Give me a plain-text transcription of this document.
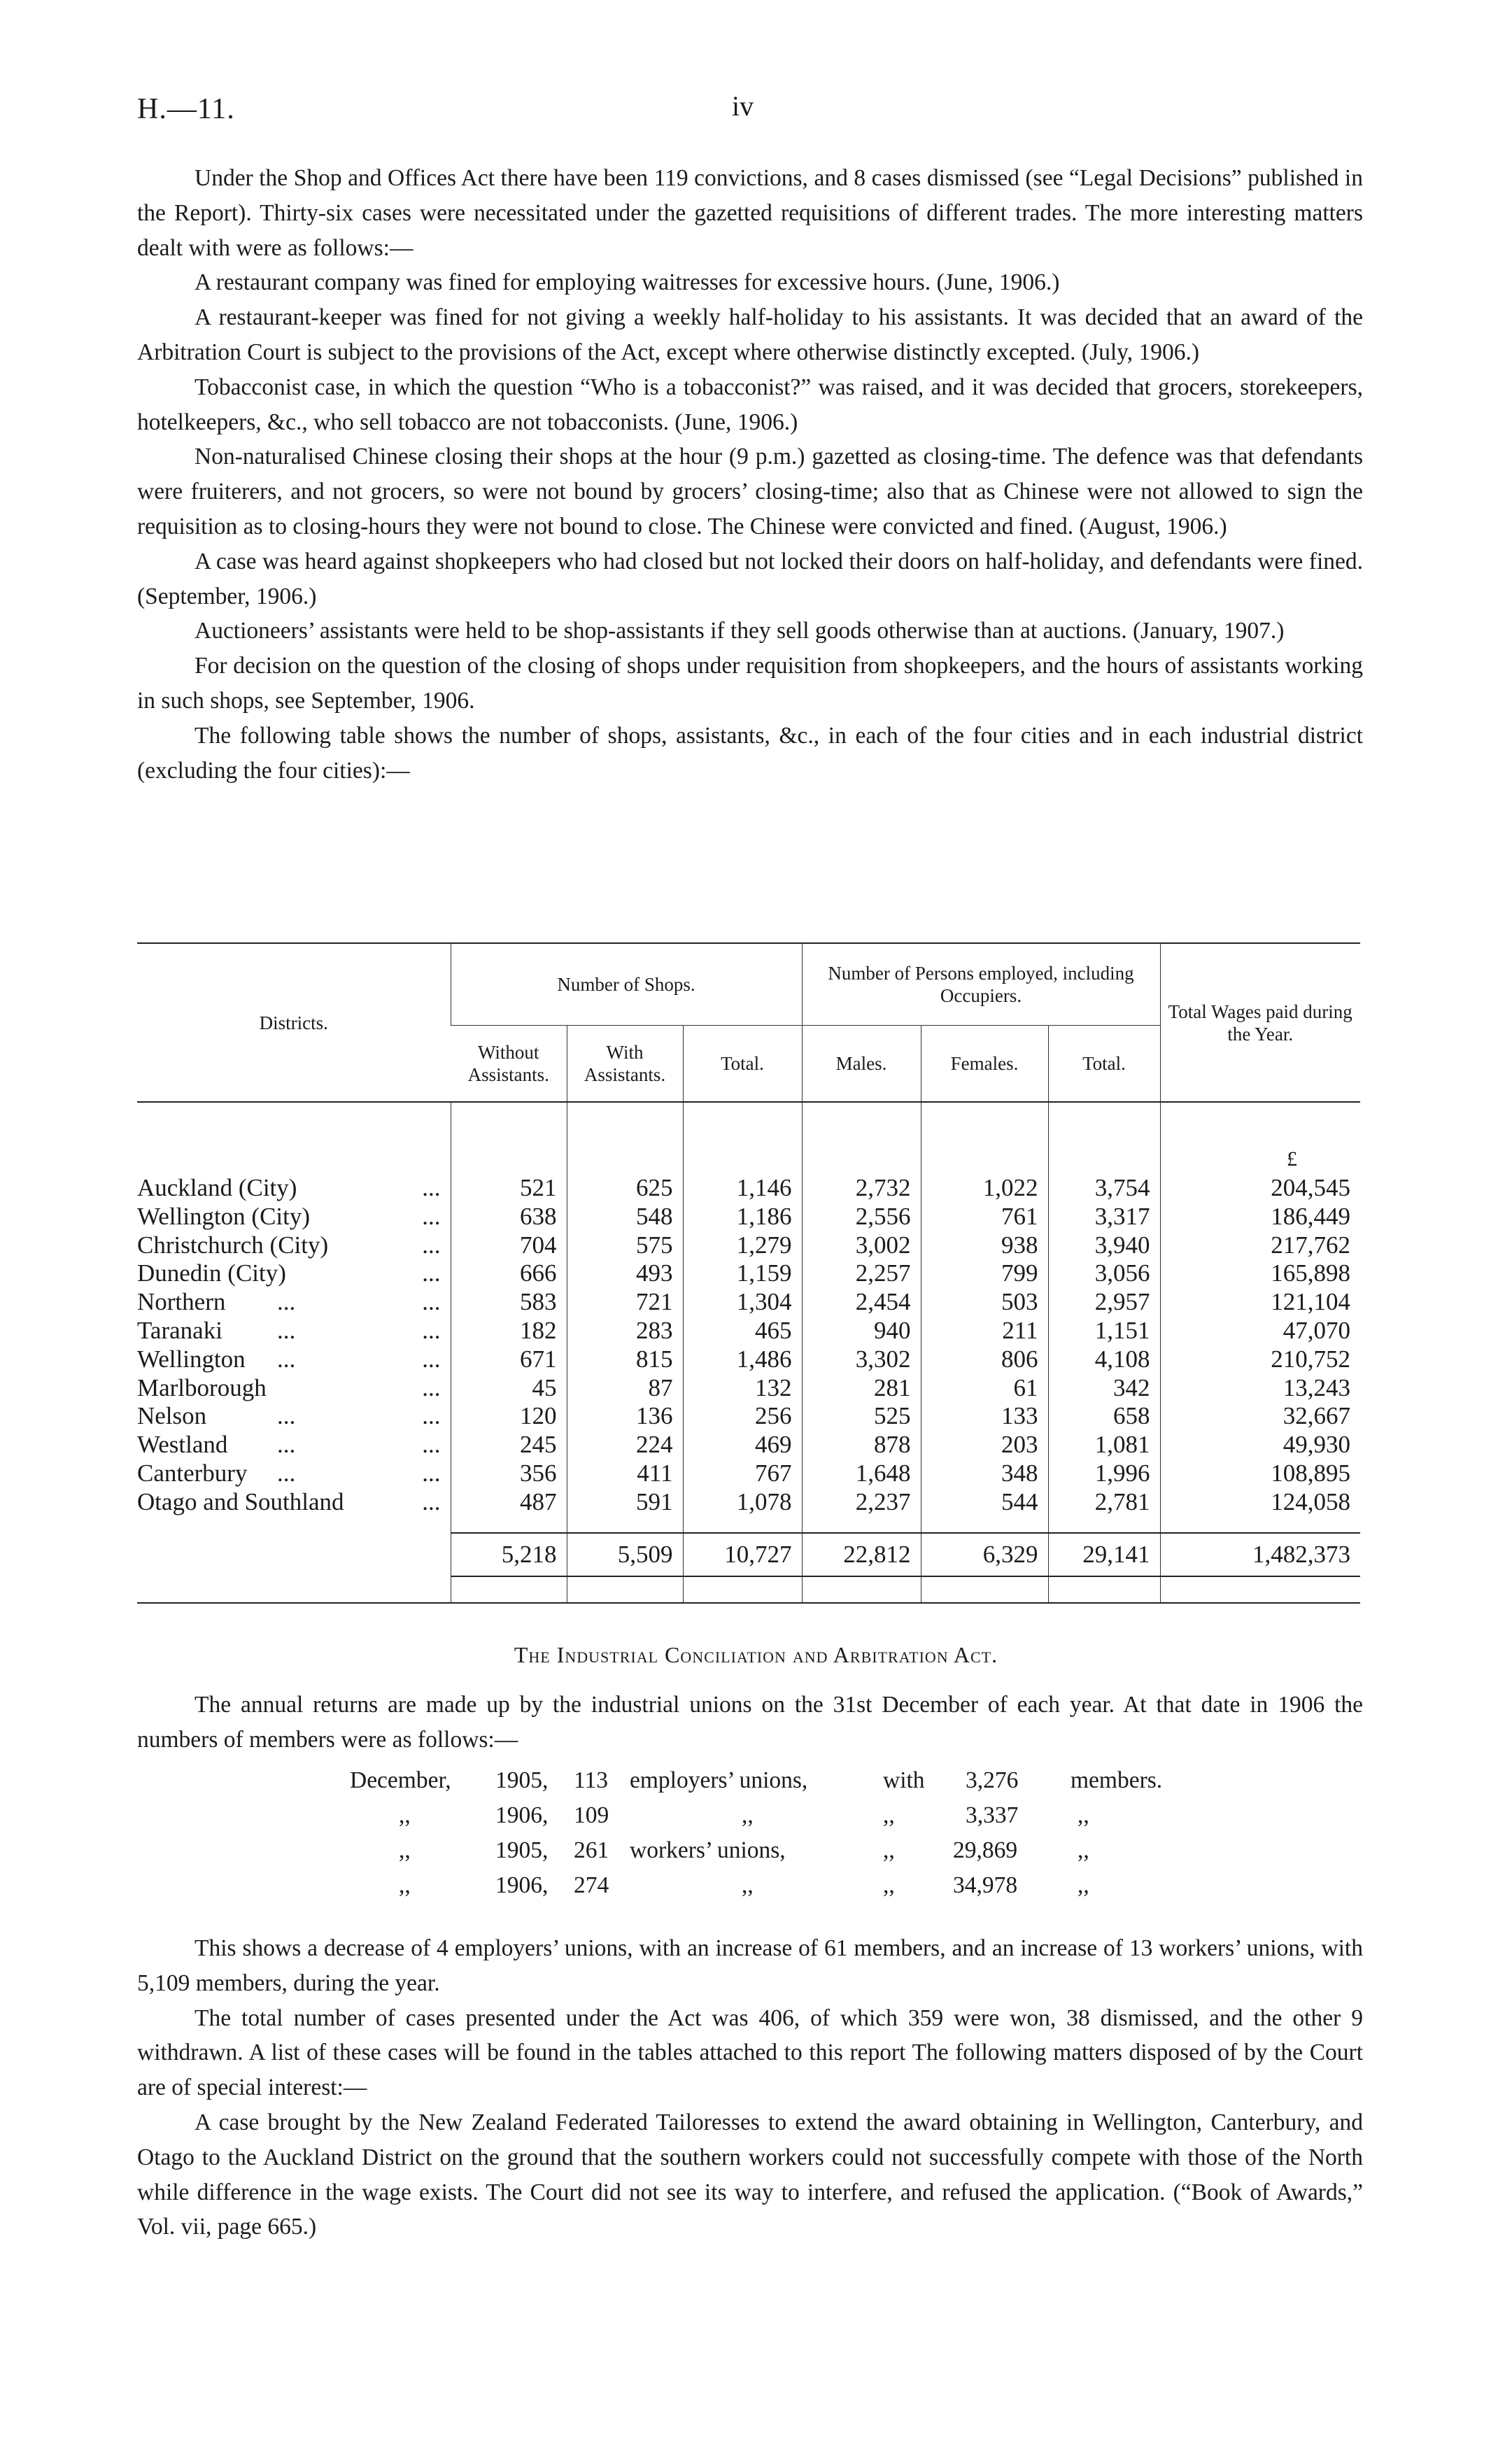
H.—11.	iv

Under the Shop and Offices Act there have been 119 convictions, and 8 cases dismissed (see “Legal Decisions” published in the Report). Thirty-six cases were necessitated under the gazetted requisitions of different trades. The more interesting matters dealt with were as follows:—

A restaurant company was fined for employing waitresses for excessive hours. (June, 1906.)

A restaurant-keeper was fined for not giving a weekly half-holiday to his assistants. It was decided that an award of the Arbitration Court is subject to the provisions of the Act, except where otherwise distinctly excepted. (July, 1906.)

Tobacconist case, in which the question “Who is a tobacconist?” was raised, and it was decided that grocers, storekeepers, hotelkeepers, &c., who sell tobacco are not tobacconists. (June, 1906.)

Non-naturalised Chinese closing their shops at the hour (9 p.m.) gazetted as closing-time. The defence was that defendants were fruiterers, and not grocers, so were not bound by grocers’ closing-time; also that as Chinese were not allowed to sign the requisition as to closing-hours they were not bound to close. The Chinese were convicted and fined. (August, 1906.)

A case was heard against shopkeepers who had closed but not locked their doors on half-holiday, and defendants were fined. (September, 1906.)

Auctioneers’ assistants were held to be shop-assistants if they sell goods otherwise than at auctions. (January, 1907.)

For decision on the question of the closing of shops under requisition from shopkeepers, and the hours of assistants working in such shops, see September, 1906.

The following table shows the number of shops, assistants, &c., in each of the four cities and in each industrial district (excluding the four cities):—

Districts.	Number of Shops.			Number of Persons employed, including Occupiers.			Total Wages paid during the Year.
	Without Assistants.	With Assistants.	Total.	Males.	Females.	Total.	

							£
Auckland (City) ...	521	625	1,146	2,732	1,022	3,754	204,545
Wellington (City) ...	638	548	1,186	2,556	761	3,317	186,449
Christchurch (City) ...	704	575	1,279	3,002	938	3,940	217,762
Dunedin (City) ...	666	493	1,159	2,257	799	3,056	165,898
Northern ... ...	583	721	1,304	2,454	503	2,957	121,104
Taranaki ... ...	182	283	465	940	211	1,151	47,070
Wellington ... ...	671	815	1,486	3,302	806	4,108	210,752
Marlborough ...	45	87	132	281	61	342	13,243
Nelson ... ...	120	136	256	525	133	658	32,667
Westland ... ...	245	224	469	878	203	1,081	49,930
Canterbury ... ...	356	411	767	1,648	348	1,996	108,895
Otago and Southland ...	487	591	1,078	2,237	544	2,781	124,058

	5,218	5,509	10,727	22,812	6,329	29,141	1,482,373

The Industrial Conciliation and Arbitration Act.

The annual returns are made up by the industrial unions on the 31st December of each year. At that date in 1906 the numbers of members were as follows:—

December, 1905, 113 employers’ unions,	with 3,276 members.
,,	1906, 109	,,	,,	3,337	,,
,,	1905, 261 workers’ unions,	,, 29,869	,,
,,	1906, 274	,,	,, 34,978	,,

This shows a decrease of 4 employers’ unions, with an increase of 61 members, and an increase of 13 workers’ unions, with 5,109 members, during the year.

The total number of cases presented under the Act was 406, of which 359 were won, 38 dismissed, and the other 9 withdrawn. A list of these cases will be found in the tables attached to this report The following matters disposed of by the Court are of special interest:—

A case brought by the New Zealand Federated Tailoresses to extend the award obtaining in Wellington, Canterbury, and Otago to the Auckland District on the ground that the southern workers could not successfully compete with those of the North while difference in the wage exists. The Court did not see its way to interfere, and refused the application. (“Book of Awards,” Vol. vii, page 665.)
